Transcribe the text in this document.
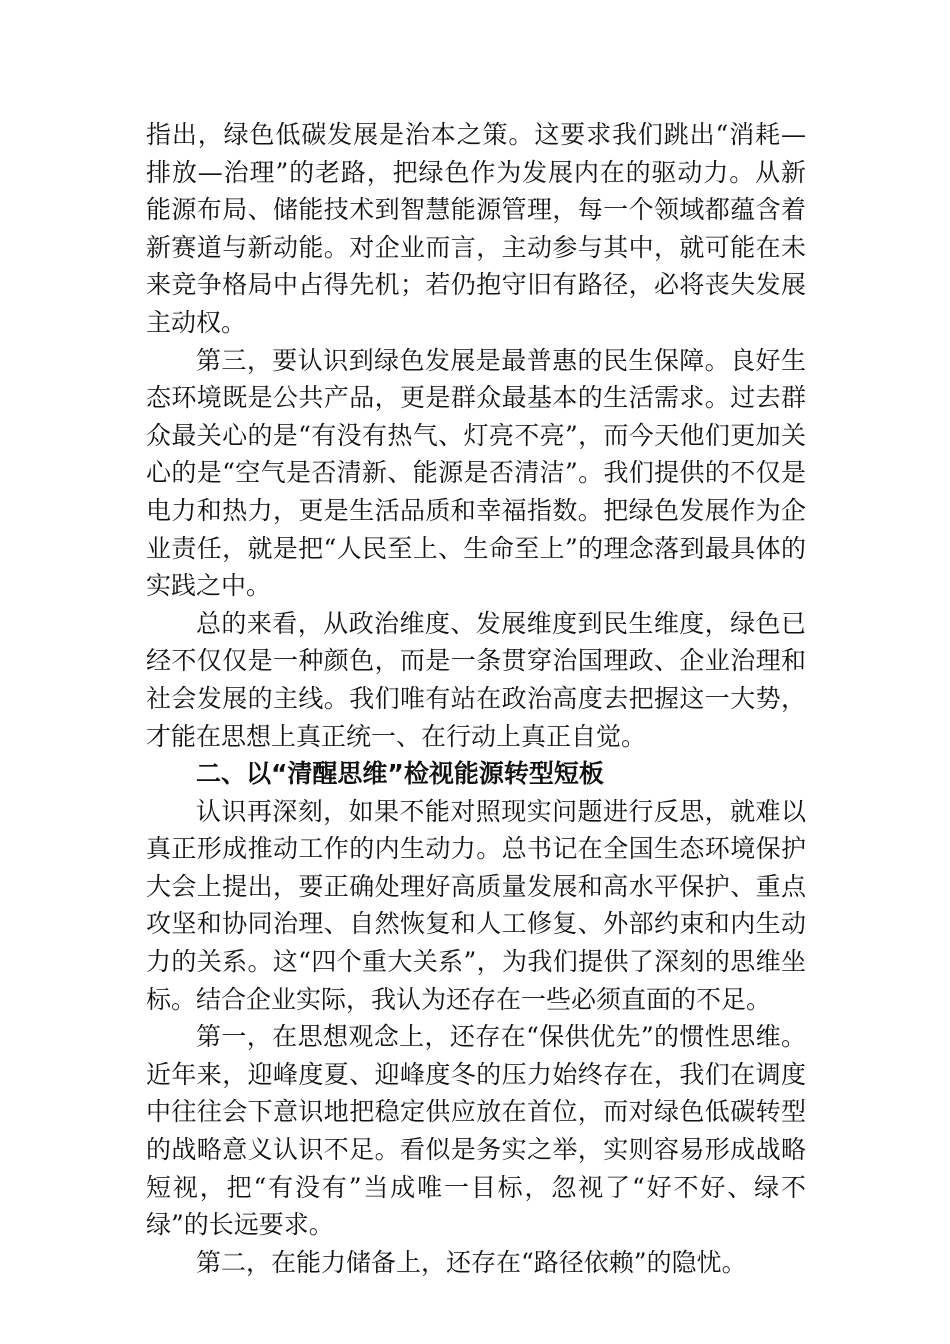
指出，绿色低碳发展是治本之策。这要求我们跳出“消耗—排放—治理”的老路，把绿色作为发展内在的驱动力。从新能源布局、储能技术到智慧能源管理，每一个领域都蕴含着新赛道与新动能。对企业而言，主动参与其中，就可能在未来竞争格局中占得先机；若仍抱守旧有路径，必将丧失发展主动权。

第三，要认识到绿色发展是最普惠的民生保障。良好生态环境既是公共产品，更是群众最基本的生活需求。过去群众最关心的是“有没有热气、灯亮不亮”，而今天他们更加关心的是“空气是否清新、能源是否清洁”。我们提供的不仅是电力和热力，更是生活品质和幸福指数。把绿色发展作为企业责任，就是把“人民至上、生命至上”的理念落到最具体的实践之中。

总的来看，从政治维度、发展维度到民生维度，绿色已经不仅仅是一种颜色，而是一条贯穿治国理政、企业治理和社会发展的主线。我们唯有站在政治高度去把握这一大势，才能在思想上真正统一、在行动上真正自觉。

二、以“清醒思维”检视能源转型短板

认识再深刻，如果不能对照现实问题进行反思，就难以真正形成推动工作的内生动力。总书记在全国生态环境保护大会上提出，要正确处理好高质量发展和高水平保护、重点攻坚和协同治理、自然恢复和人工修复、外部约束和内生动力的关系。这“四个重大关系”，为我们提供了深刻的思维坐标。结合企业实际，我认为还存在一些必须直面的不足。

第一，在思想观念上，还存在“保供优先”的惯性思维。近年来，迎峰度夏、迎峰度冬的压力始终存在，我们在调度中往往会下意识地把稳定供应放在首位，而对绿色低碳转型的战略意义认识不足。看似是务实之举，实则容易形成战略短视，把“有没有”当成唯一目标，忽视了“好不好、绿不绿”的长远要求。

第二，在能力储备上，还存在“路径依赖”的隐忧。
